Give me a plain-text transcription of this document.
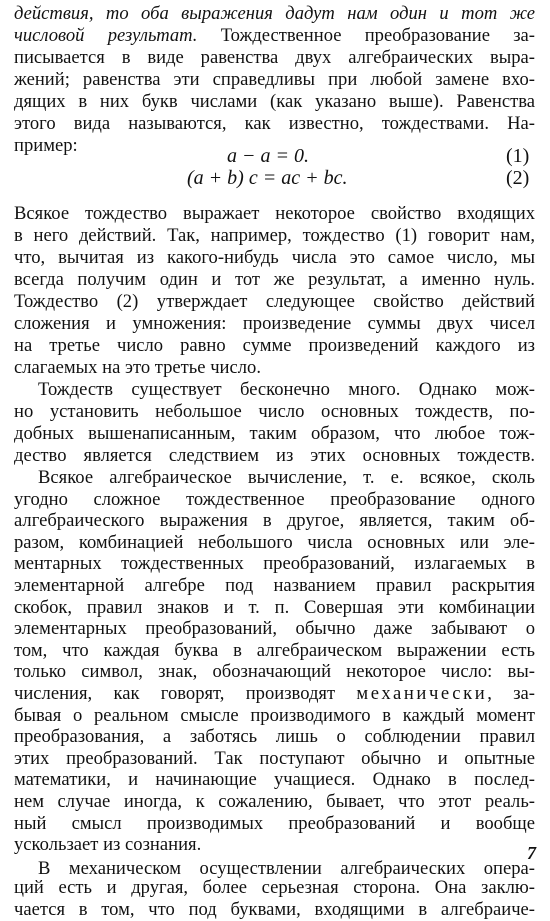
действия, то оба выражения дадут нам один и тот же
числовой результат. Тождественное преобразование за-
писывается в виде равенства двух алгебраических выра-
жений; равенства эти справедливы при любой замене вхо-
дящих в них букв числами (как указано выше). Равенства
этого вида называются, как известно, тождествами. На-
пример:	a − a = 0.	(1)
(a + b) c = ac + bc.	(2)
Всякое тождество выражает некоторое свойство входящих
в него действий. Так, например, тождество (1) говорит нам,
что, вычитая из какого-нибудь числа это самое число, мы
всегда получим один и тот же результат, а именно нуль.
Тождество (2) утверждает следующее свойство действий
сложения и умножения: произведение суммы двух чисел
на третье число равно сумме произведений каждого из
слагаемых на это третье число.
Тождеств существует бесконечно много. Однако мож-
но установить небольшое число основных тождеств, по-
добных вышенаписанным, таким образом, что любое тож-
дество является следствием из этих основных тождеств.
Всякое алгебраическое вычисление, т. е. всякое, сколь
угодно сложное тождественное преобразование одного
алгебраического выражения в другое, является, таким об-
разом, комбинацией небольшого числа основных или эле-
ментарных тождественных преобразований, излагаемых в
элементарной алгебре под названием правил раскрытия
скобок, правил знаков и т. п. Совершая эти комбинации
элементарных преобразований, обычно даже забывают о
том, что каждая буква в алгебраическом выражении есть
только символ, знак, обозначающий некоторое число: вы-
числения, как говорят, производят механически, за-
бывая о реальном смысле производимого в каждый момент
преобразования, а заботясь лишь о соблюдении правил
этих преобразований. Так поступают обычно и опытные
математики, и начинающие учащиеся. Однако в послед-
нем случае иногда, к сожалению, бывает, что этот реаль-
ный смысл производимых преобразований и вообще
ускользает из сознания.	7
В механическом осуществлении алгебраических опера-
ций есть и другая, более серьезная сторона. Она заклю-
чается в том, что под буквами, входящими в алгебраиче-
